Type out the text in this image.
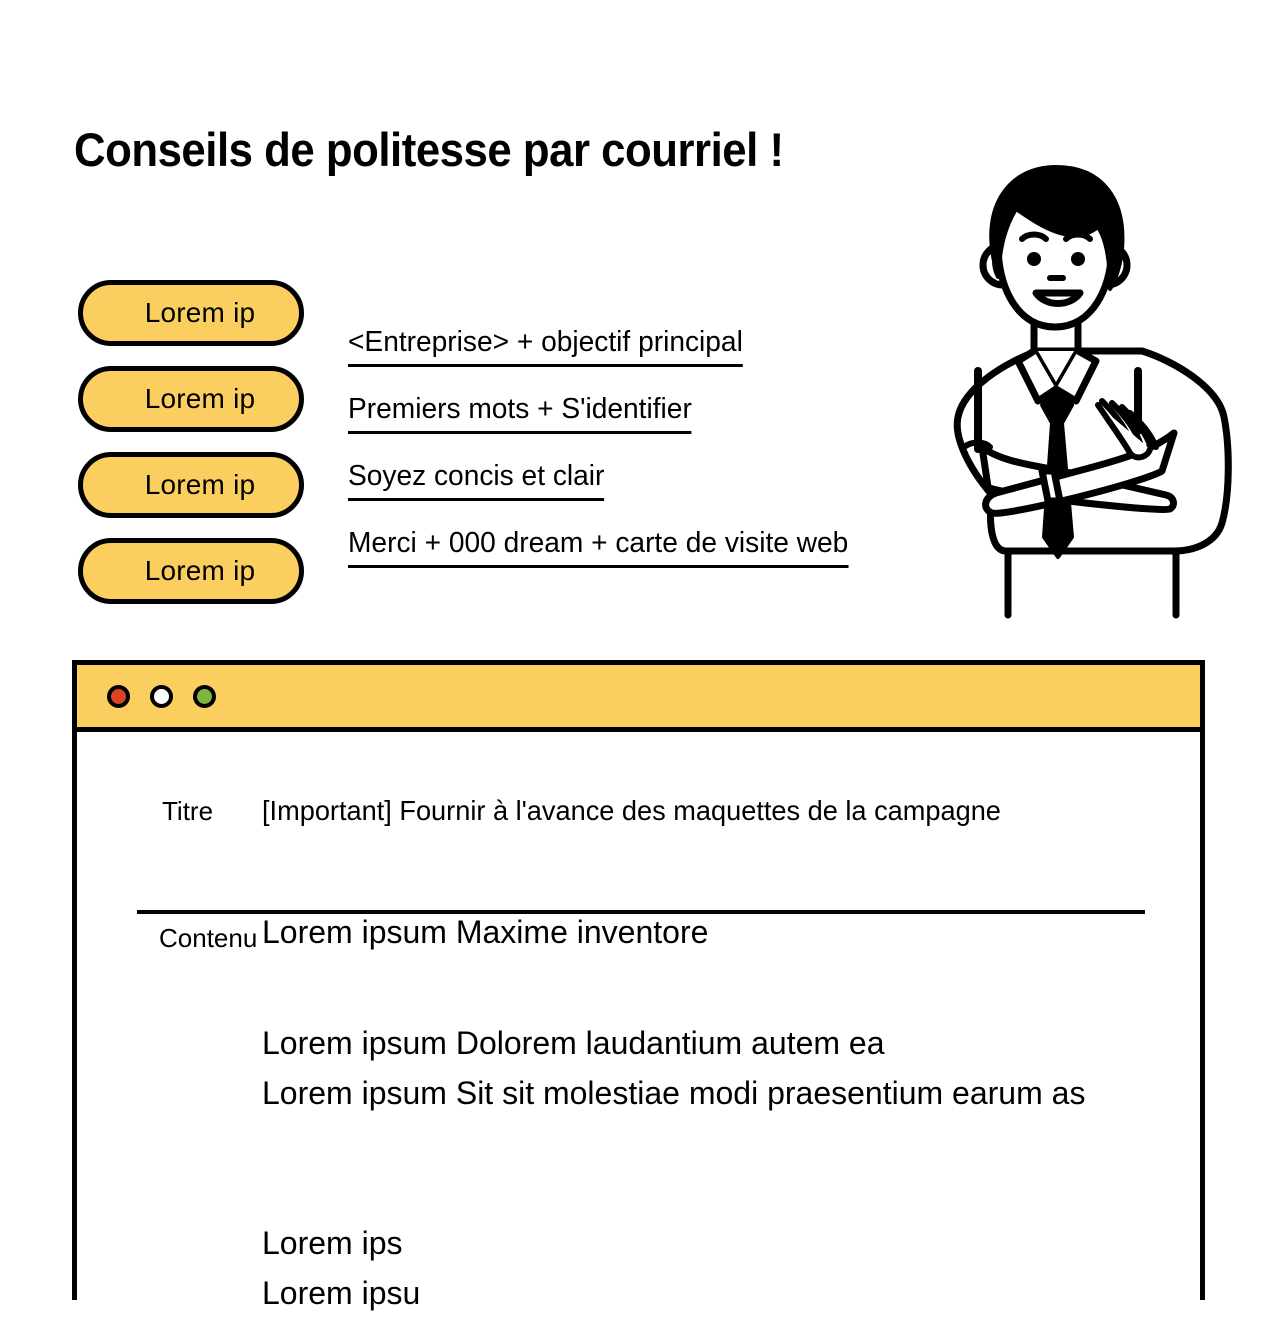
Conseils de politesse par courriel !
Lorem ip
Lorem ip
Lorem ip
Lorem ip
<Entreprise> + objectif principal
Premiers mots + S'identifier
Soyez concis et clair
Merci + 000 dream + carte de visite web
Titre	[Important] Fournir à l'avance des maquettes de la campagne
Contenu Lorem ipsum Maxime inventore
Lorem ipsum Dolorem laudantium autem ea
Lorem ipsum Sit sit molestiae modi praesentium earum as
Lorem ips
Lorem ipsu
